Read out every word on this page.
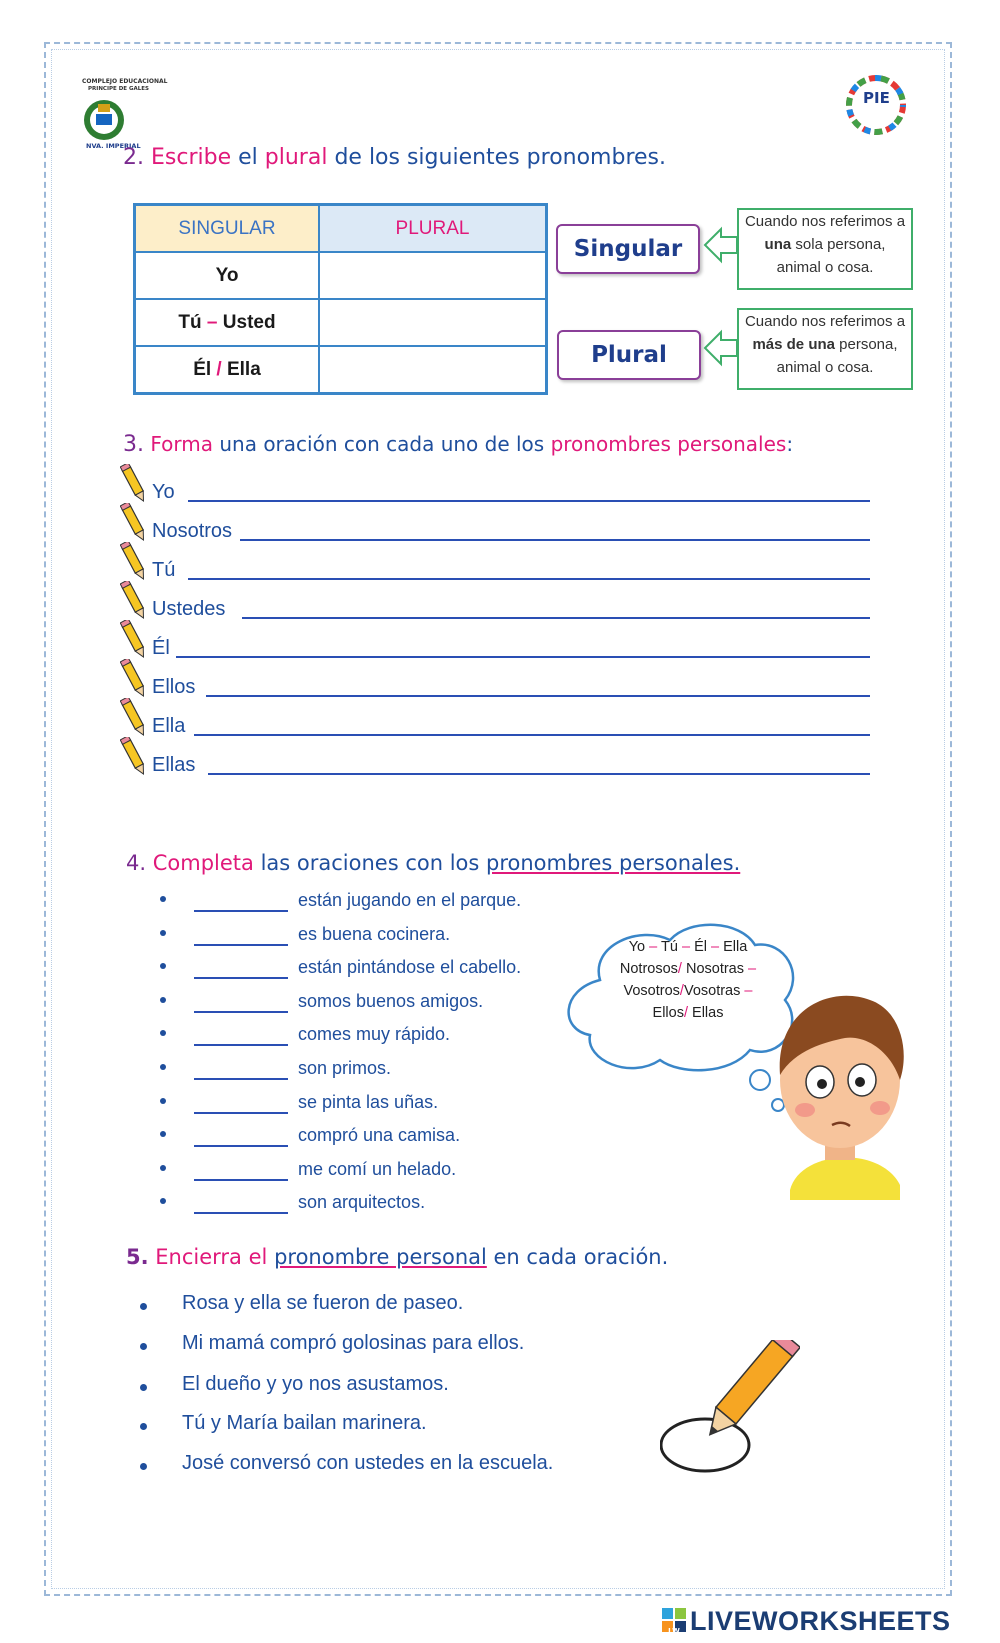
COMPLEJO EDUCACIONAL
PRINCIPE DE GALES
NVA. IMPERIAL
PIE
2. Escribe el plural de los siguientes pronombres.
SINGULAR	PLURAL
Yo	
Tú – Usted	
Él / Ella	
Singular
Cuando nos referimos a
una sola persona,
animal o cosa.
Plural
Cuando nos referimos a
más de una persona,
animal o cosa.
3. Forma una oración con cada uno de los pronombres personales:
Yo
Nosotros
Tú
Ustedes
Él
Ellos
Ella
Ellas
4. Completa las oraciones con los pronombres personales.
están jugando en el parque.
es buena cocinera.
están pintándose el cabello.
somos buenos amigos.
comes muy rápido.
son primos.
se pinta las uñas.
compró una camisa.
me comí un helado.
son arquitectos.
Yo – Tú – Él – Ella
Notrosos/ Nosotras –
Vosotros/Vosotras –
Ellos/ Ellas
5. Encierra el pronombre personal en cada oración.
Rosa y ella se fueron de paseo.
Mi mamá compró golosinas para ellos.
El dueño y yo nos asustamos.
Tú y María bailan marinera.
José conversó con ustedes en la escuela.
LW LIVEWORKSHEETS
